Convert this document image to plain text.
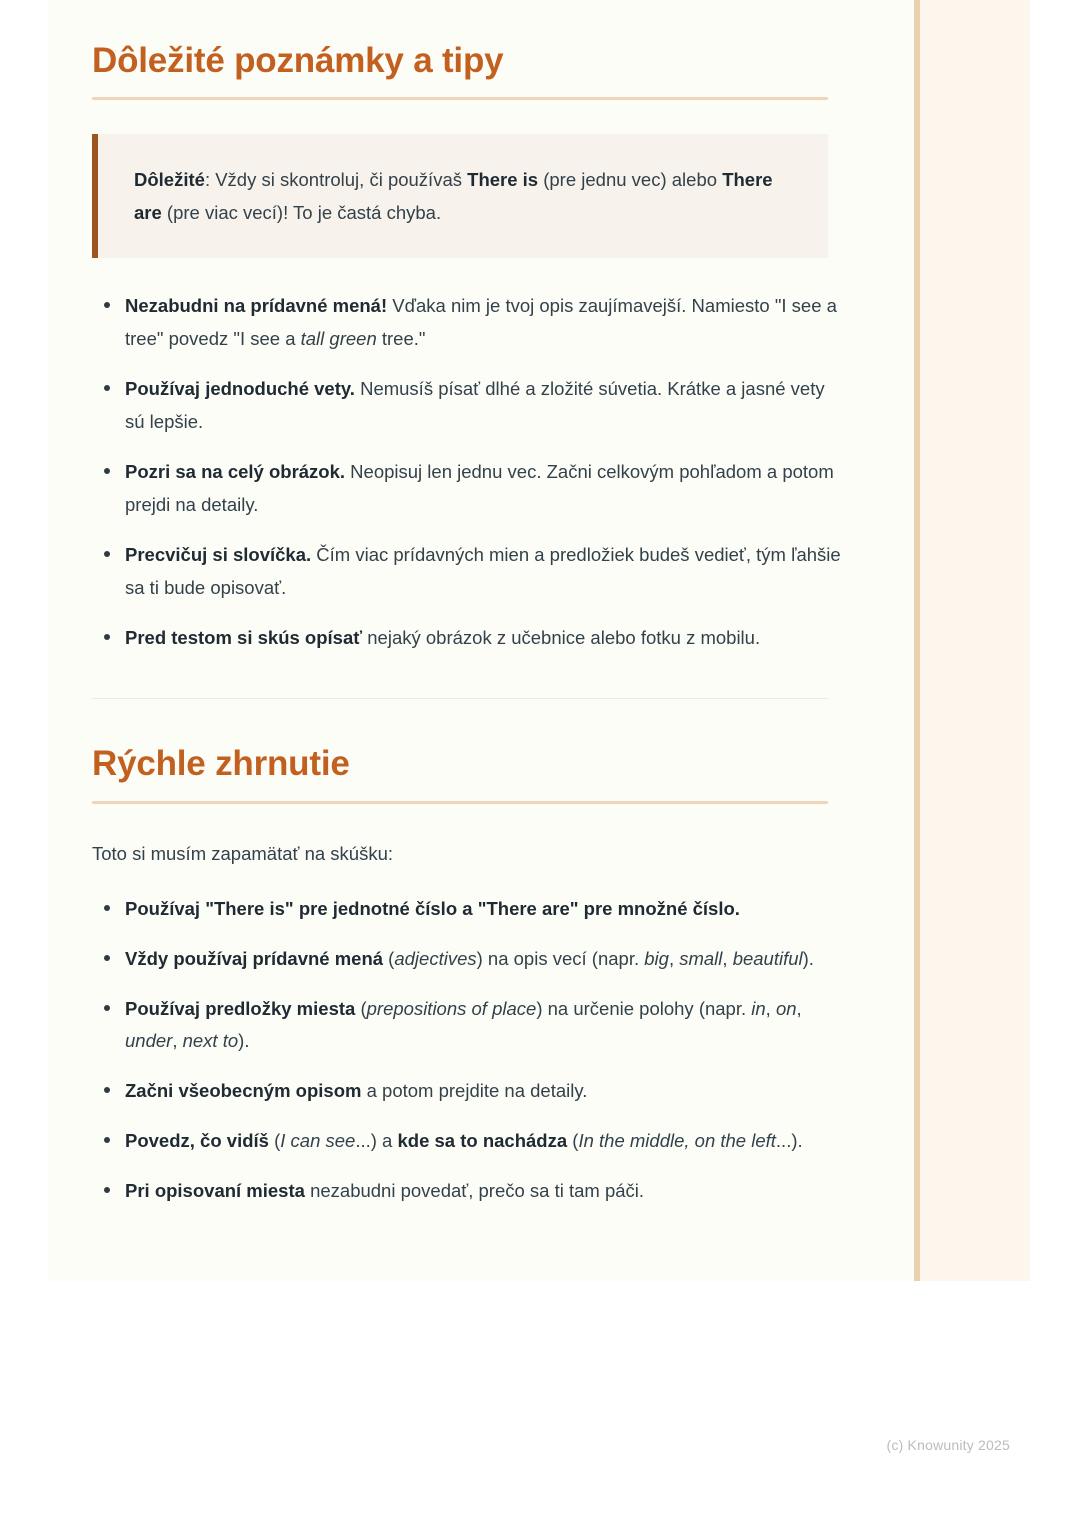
Dôležité poznámky a tipy

Dôležité: Vždy si skontroluj, či používaš There is (pre jednu vec) alebo There are (pre viac vecí)! To je častá chyba.

Nezabudni na prídavné mená! Vďaka nim je tvoj opis zaujímavejší. Namiesto "I see a tree" povedz "I see a tall green tree."
Používaj jednoduché vety. Nemusíš písať dlhé a zložité súvetia. Krátke a jasné vety sú lepšie.
Pozri sa na celý obrázok. Neopisuj len jednu vec. Začni celkovým pohľadom a potom prejdi na detaily.
Precvičuj si slovíčka. Čím viac prídavných mien a predložiek budeš vedieť, tým ľahšie sa ti bude opisovať.
Pred testom si skús opísať nejaký obrázok z učebnice alebo fotku z mobilu.
Rýchle zhrnutie

Toto si musím zapamätať na skúšku:

Používaj "There is" pre jednotné číslo a "There are" pre množné číslo.
Vždy používaj prídavné mená (adjectives) na opis vecí (napr. big, small, beautiful).
Používaj predložky miesta (prepositions of place) na určenie polohy (napr. in, on, under, next to).
Začni všeobecným opisom a potom prejdite na detaily.
Povedz, čo vidíš (I can see...) a kde sa to nachádza (In the middle, on the left...).
Pri opisovaní miesta nezabudni povedať, prečo sa ti tam páči.
(c) Knowunity 2025
